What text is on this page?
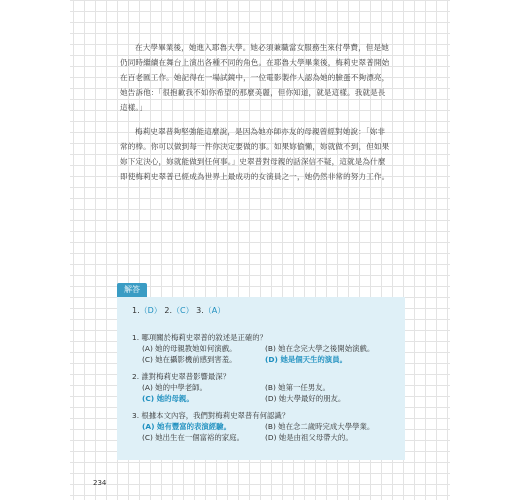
在大學畢業後，她進入耶魯大學。她必須兼職當女服務生來付學費，但是她
仍同時繼續在舞台上演出各種不同的角色。在耶魯大學畢業後，梅莉史翠普開始
在百老匯工作。她記得在一場試鏡中，一位電影製作人認為她的臉蛋不夠漂亮，
她告訴他：「很抱歉我不如你希望的那麼美麗，但你知道，就是這樣。我就是長
這樣。」

梅莉史翠普夠堅強能這麼說，是因為她亦師亦友的母親曾經對她說：「妳非
常的棒。你可以做到每一件你決定要做的事。如果妳偷懶，妳就做不到，但如果
妳下定決心，妳就能做到任何事。」史翠普對母親的話深信不疑，這就是為什麼
即使梅莉史翠普已經成為世界上最成功的女演員之一，她仍然非常的努力工作。

解答
1.（D） 2.（C） 3.（A）
1. 哪項關於梅莉史翠普的敘述是正確的？
(A) 她的母親教她如何演戲。	(B) 她在念完大學之後開始演戲。
(C) 她在攝影機前感到害羞。	(D) 她是個天生的演員。
2. 誰對梅莉史翠普影響最深？
(A) 她的中學老師。	(B) 她第一任男友。
(C) 她的母親。	(D) 她大學最好的朋友。
3. 根據本文內容，我們對梅莉史翠普有何認識？
(A) 她有豐富的表演經驗。	(B) 她在念二歲時完成大學學業。
(C) 她出生在一個富裕的家庭。	(D) 她是由祖父母帶大的。
234
